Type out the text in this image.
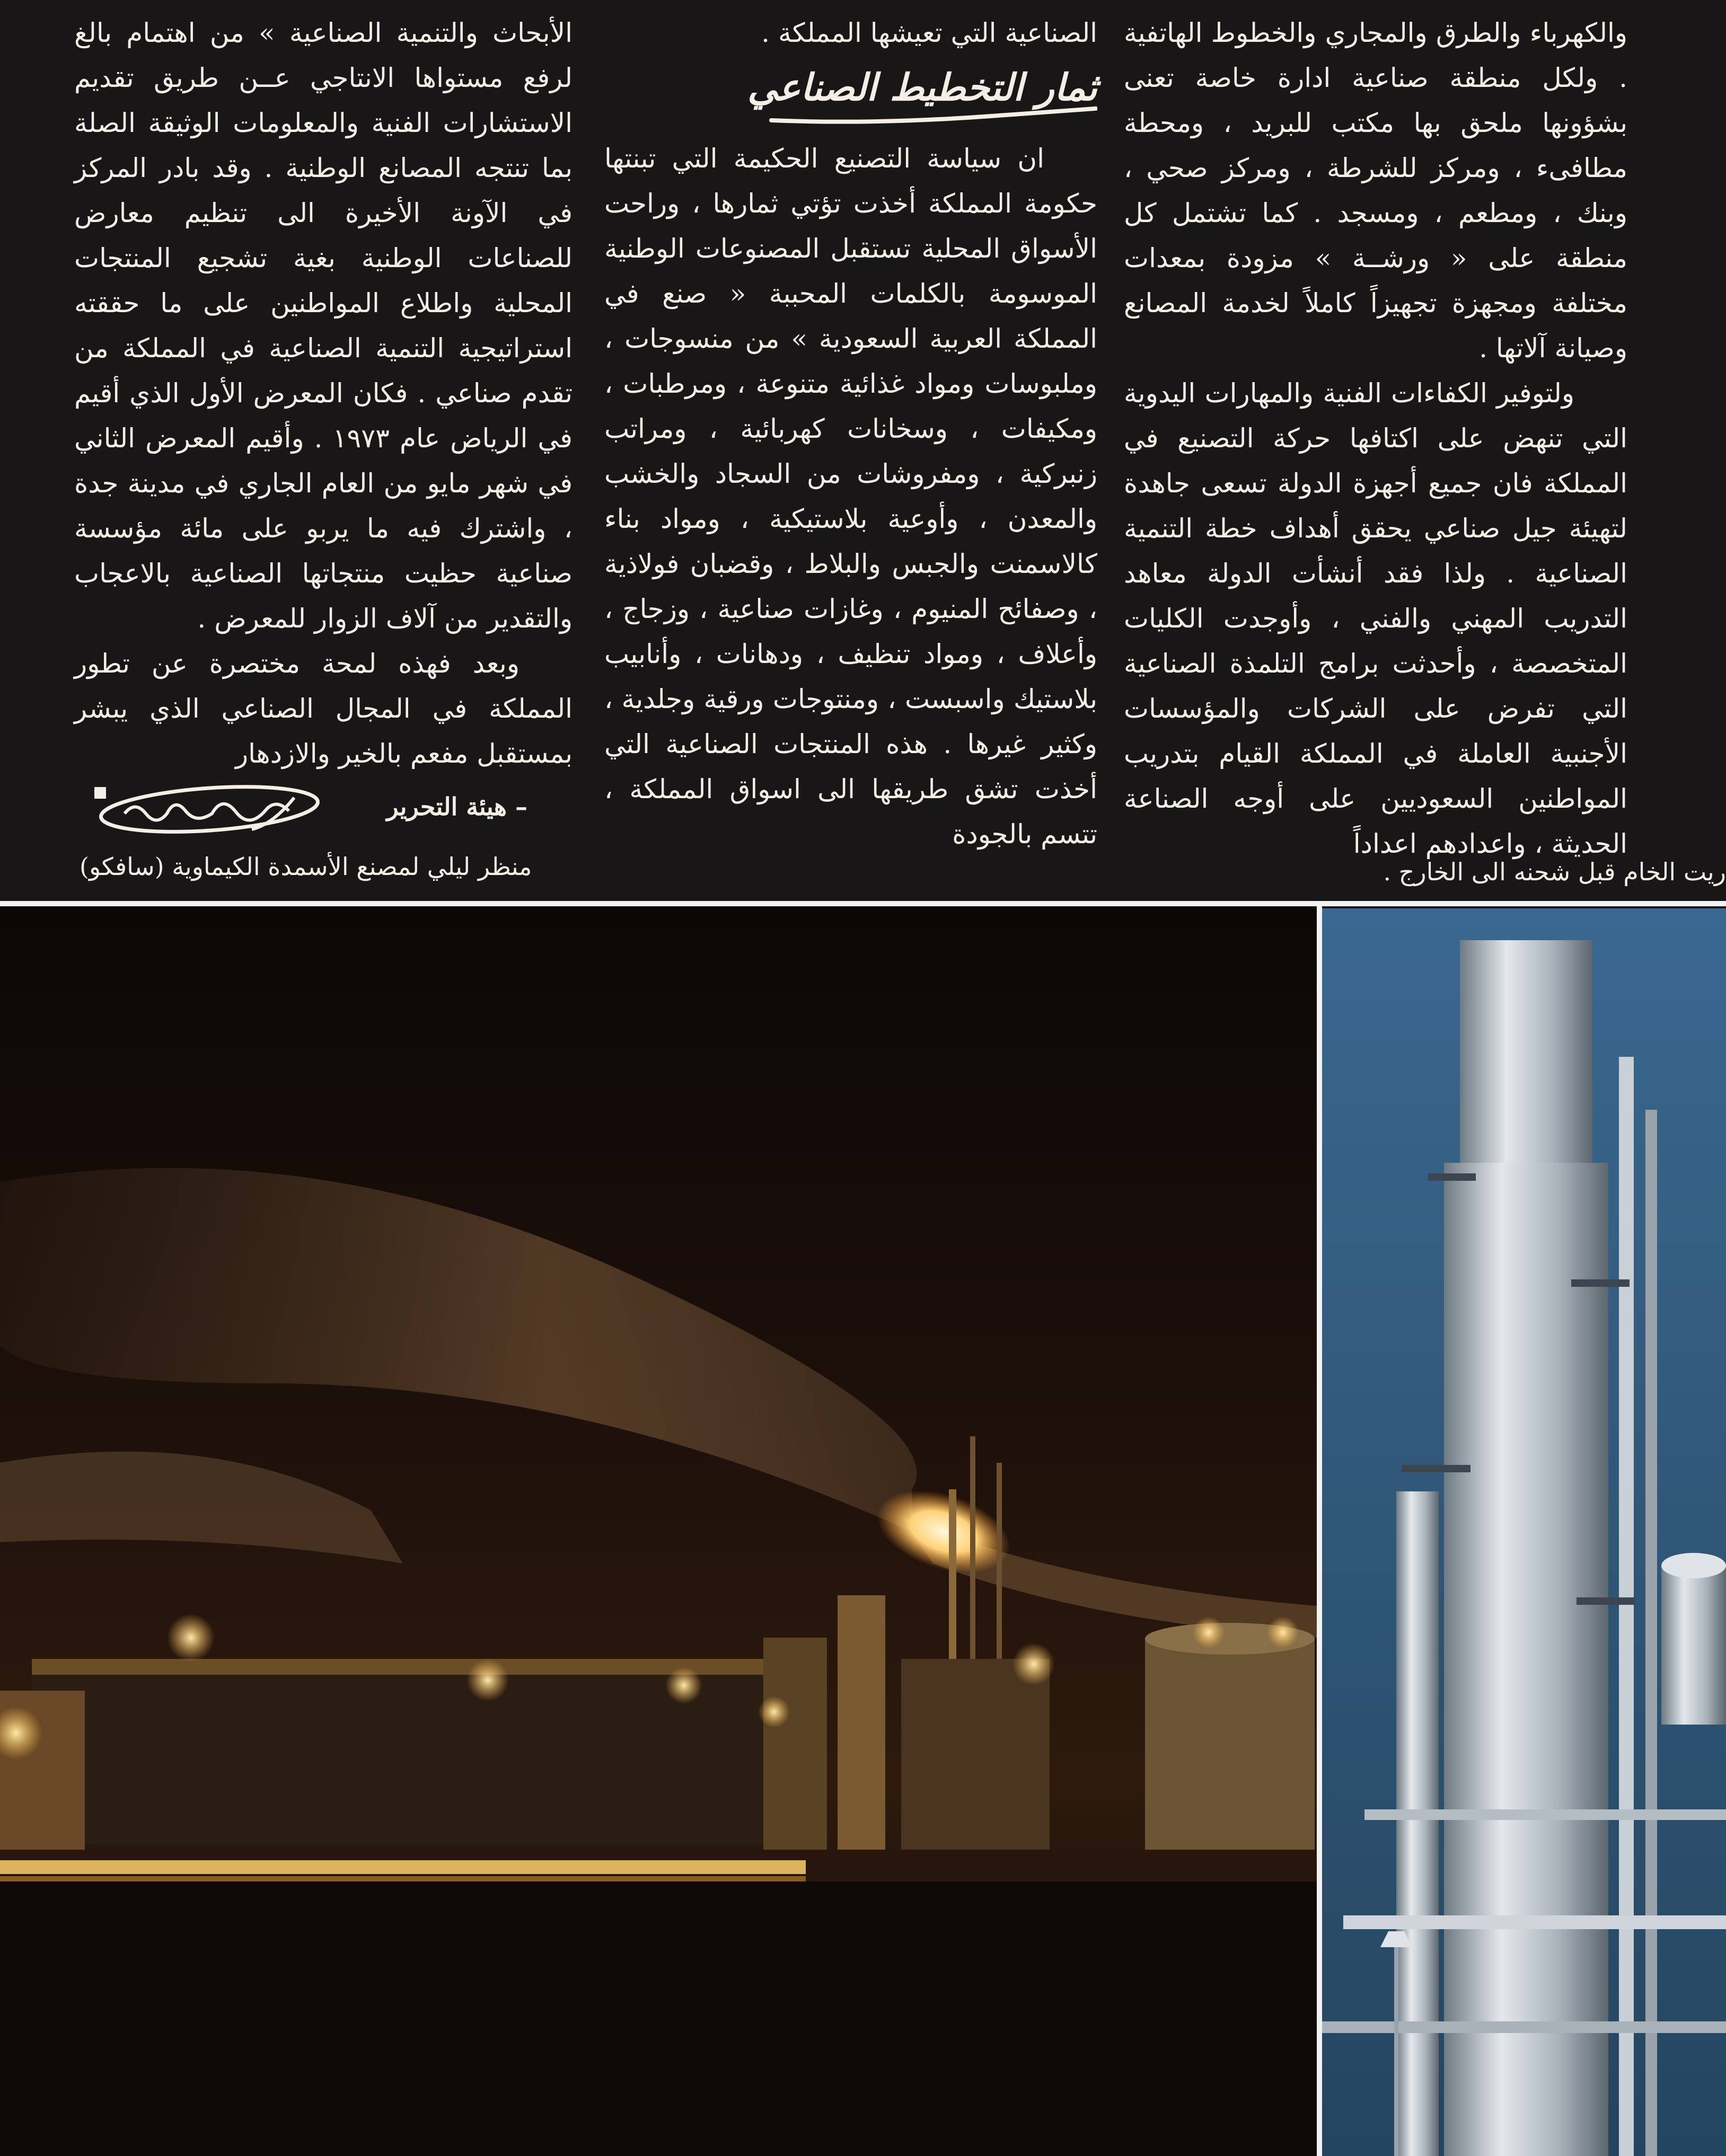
والكهرباء والطرق والمجاري والخطوط الهاتفية . ولكل منطقة صناعية ادارة خاصة تعنى بشؤونها ملحق بها مكتب للبريد ، ومحطة مطافىء ، ومركز للشرطة ، ومركز صحي ، وبنك ، ومطعم ، ومسجد . كما تشتمل كل منطقة على « ورشــة » مزودة بمعدات مختلفة ومجهزة تجهيزاً كاملاً لخدمة المصانع وصيانة آلاتها .

ولتوفير الكفاءات الفنية والمهارات اليدوية التي تنهض على اكتافها حركة التصنيع في المملكة فان جميع أجهزة الدولة تسعى جاهدة لتهيئة جيل صناعي يحقق أهداف خطة التنمية الصناعية . ولذا فقد أنشأت الدولة معاهد التدريب المهني والفني ، وأوجدت الكليات المتخصصة ، وأحدثت برامج التلمذة الصناعية التي تفرض على الشركات والمؤسسات الأجنبية العاملة في المملكة القيام بتدريب المواطنين السعوديين على أوجه الصناعة الحديثة ، واعدادهم اعداداً

الصناعية التي تعيشها المملكة .

ثمار التخطيط الصناعي

ان سياسة التصنيع الحكيمة التي تبنتها حكومة المملكة أخذت تؤتي ثمارها ، وراحت الأسواق المحلية تستقبل المصنوعات الوطنية الموسومة بالكلمات المحببة « صنع في المملكة العربية السعودية » من منسوجات ، وملبوسات ومواد غذائية متنوعة ، ومرطبات ، ومكيفات ، وسخانات كهربائية ، ومراتب زنبركية ، ومفروشات من السجاد والخشب والمعدن ، وأوعية بلاستيكية ، ومواد بناء كالاسمنت والجبس والبلاط ، وقضبان فولاذية ، وصفائح المنيوم ، وغازات صناعية ، وزجاج ، وأعلاف ، ومواد تنظيف ، ودهانات ، وأنابيب بلاستيك واسبست ، ومنتوجات ورقية وجلدية ، وكثير غيرها . هذه المنتجات الصناعية التي أخذت تشق طريقها الى اسواق المملكة ، تتسم بالجودة

الأبحاث والتنمية الصناعية » من اهتمام بالغ لرفع مستواها الانتاجي عــن طريق تقديم الاستشارات الفنية والمعلومات الوثيقة الصلة بما تنتجه المصانع الوطنية . وقد بادر المركز في الآونة الأخيرة الى تنظيم معارض للصناعات الوطنية بغية تشجيع المنتجات المحلية واطلاع المواطنين على ما حققته استراتيجية التنمية الصناعية في المملكة من تقدم صناعي . فكان المعرض الأول الذي أقيم في الرياض عام ١٩٧٣ . وأقيم المعرض الثاني في شهر مايو من العام الجاري في مدينة جدة ، واشترك فيه ما يربو على مائة مؤسسة صناعية حظيت منتجاتها الصناعية بالاعجاب والتقدير من آلاف الزوار للمعرض .

وبعد فهذه لمحة مختصرة عن تطور المملكة في المجال الصناعي الذي يبشر بمستقبل مفعم بالخير والازدهار

– هيئة التحرير
منظر ليلي لمصنع الأسمدة الكيماوية (سافكو)	ريت الخام قبل شحنه الى الخارج .
